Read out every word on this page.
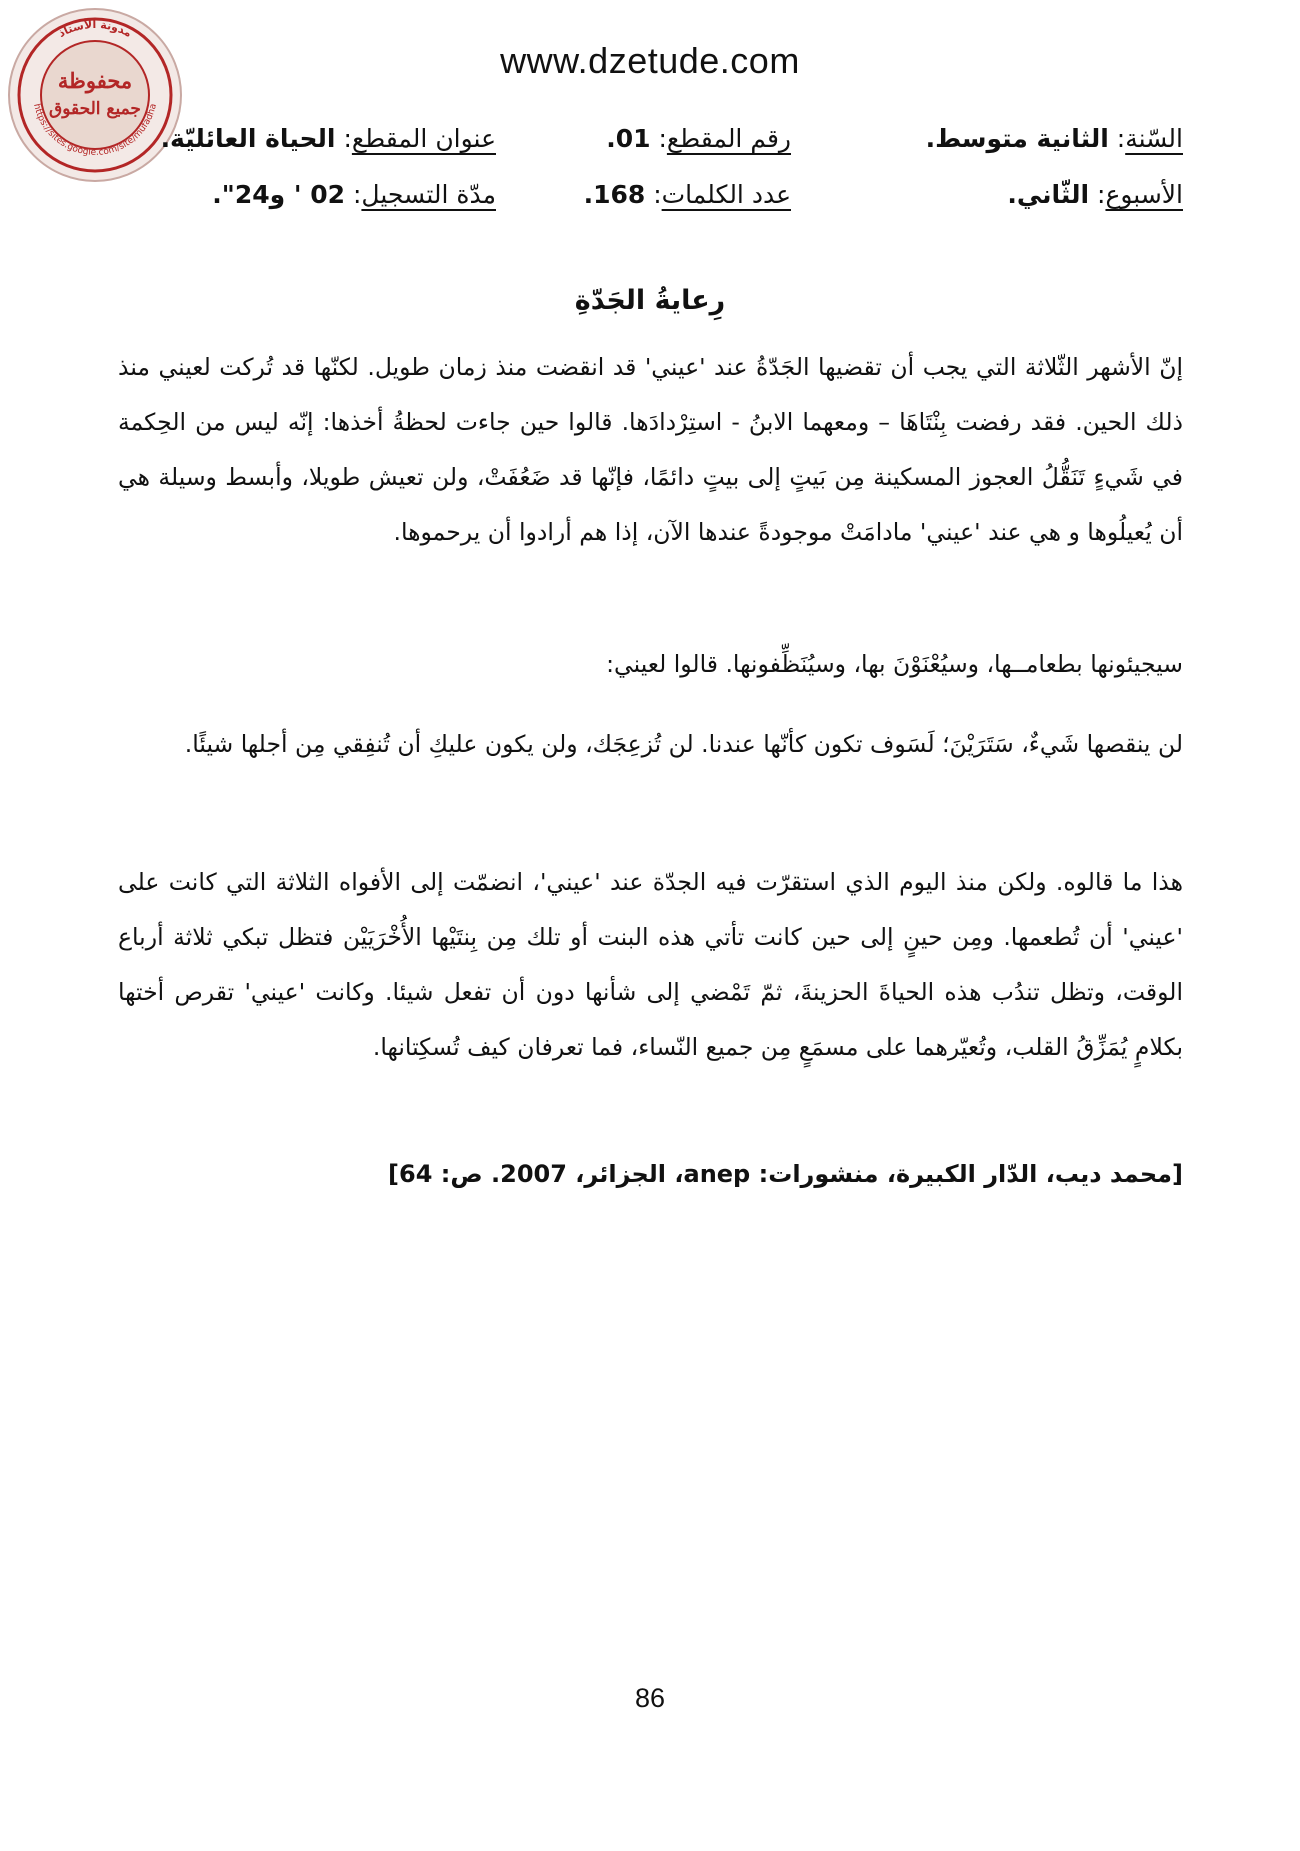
مدونة الأستاذ
https://sites.google.com/site/mufadha
محفوظة
جميع الحقوق
www.dzetude.com
السّنة: الثانية متوسط.
رقم المقطع: 01.
عنوان المقطع: الحياة العائليّة.
الأسبوع: الثّاني.
عدد الكلمات: 168.
مدّة التسجيل: 02 ' و24".
رِعايةُ الجَدّةِ

إنّ الأشهر الثّلاثة التي يجب أن تقضيها الجَدّةُ عند 'عيني' قد انقضت منذ زمان طويل. لكنّها قد تُركت لعيني منذ ذلك الحين. فقد رفضت بِنْتَاهَا – ومعهما الابنُ - استِرْدادَها. قالوا حين جاءت لحظةُ أخذها: إنّه ليس من الحِكمة في شَيءٍ تَنَقُّلُ العجوز المسكينة مِن بَيتٍ إلى بيتٍ دائمًا، فإنّها قد ضَعُفَتْ، ولن تعيش طويلا، وأبسط وسيلة هي أن يُعيلُوها و هي عند 'عيني' مادامَتْ موجودةً عندها الآن، إذا هم أرادوا أن يرحموها.

سيجيئونها بطعامــها، وسيُعْنَوْنَ بها، وسيُنَظِّفونها. قالوا لعيني:

لن ينقصها شَيءٌ، سَتَرَيْنَ؛ لَسَوف تكون كأنّها عندنا. لن تُزعِجَك، ولن يكون عليكِ أن تُنفِقي مِن أجلها شيئًا.

هذا ما قالوه. ولكن منذ اليوم الذي استقرّت فيه الجدّة عند 'عيني'، انضمّت إلى الأفواه الثلاثة التي كانت على 'عيني' أن تُطعمها. ومِن حينٍ إلى حين كانت تأتي هذه البنت أو تلك مِن بِنتَيْها الأُخْرَيَيْن فتظل تبكي ثلاثة أرباع الوقت، وتظل تندُب هذه الحياةَ الحزينةَ، ثمّ تَمْضي إلى شأنها دون أن تفعل شيئا. وكانت 'عيني' تقرص أختها بكلامٍ يُمَزِّقُ القلب، وتُعيّرهما على مسمَعٍ مِن جميع النّساء، فما تعرفان كيف تُسكِتانها.

[محمد ديب، الدّار الكبيرة، منشورات: anep، الجزائر، 2007. ص: 64]

86
